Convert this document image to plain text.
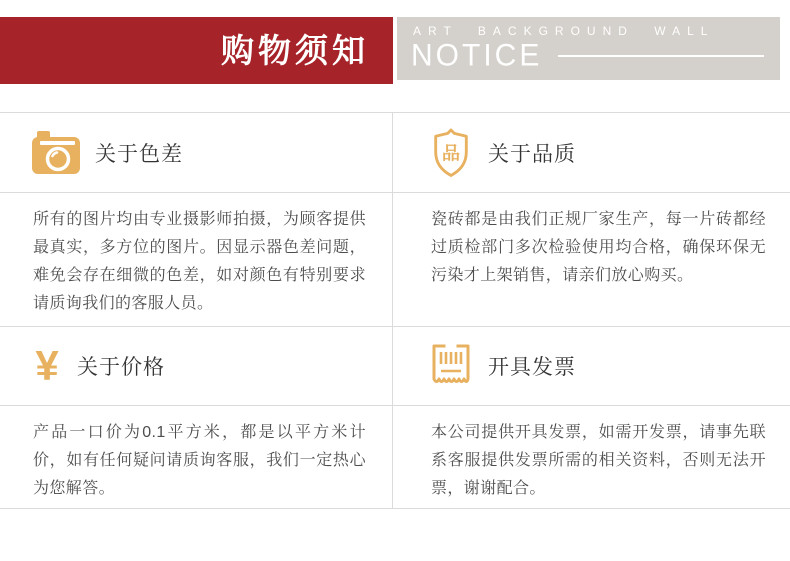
购物须知
ART BACKGROUND WALL
NOTICE
关于色差	品 关于品质

所有的图片均由专业摄影师拍摄，为顾客提供最真实，多方位的图片。因显示器色差问题，难免会存在细微的色差，如对颜色有特别要求请质询我们的客服人员。

瓷砖都是由我们正规厂家生产，每一片砖都经过质检部门多次检验使用均合格，确保环保无污染才上架销售，请亲们放心购买。

¥ 关于价格	开具发票

产品一口价为0.1平方米，都是以平方米计价，如有任何疑问请质询客服，我们一定热心为您解答。

本公司提供开具发票，如需开发票，请事先联系客服提供发票所需的相关资料，否则无法开票，谢谢配合。
